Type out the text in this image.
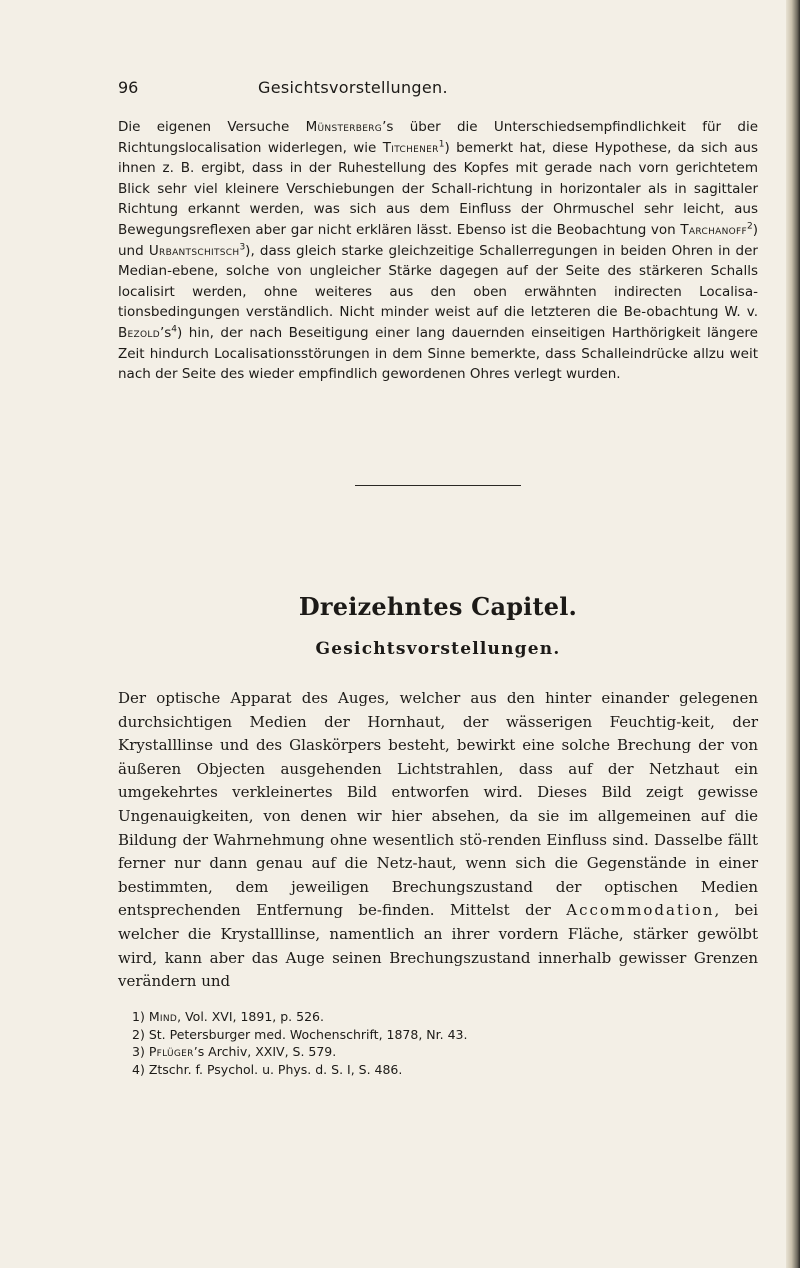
96	Gesichtsvorstellungen.

Die eigenen Versuche Münsterberg’s über die Unterschiedsempfindlichkeit für die Richtungslocalisation widerlegen, wie Titchener$^1$) bemerkt hat, diese Hypothese, da sich aus ihnen z. B. ergibt, dass in der Ruhestellung des Kopfes mit gerade nach vorn gerichtetem Blick sehr viel kleinere Verschiebungen der Schall-richtung in horizontaler als in sagittaler Richtung erkannt werden, was sich aus dem Einfluss der Ohrmuschel sehr leicht, aus Bewegungsreflexen aber gar nicht erklären lässt. Ebenso ist die Beobachtung von Tarchanoff$^2$) und Urbantschitsch$^3$), dass gleich starke gleichzeitige Schallerregungen in beiden Ohren in der Median-ebene, solche von ungleicher Stärke dagegen auf der Seite des stärkeren Schalls localisirt werden, ohne weiteres aus den oben erwähnten indirecten Localisa-tionsbedingungen verständlich. Nicht minder weist auf die letzteren die Be-obachtung W. v. Bezold’s$^4$) hin, der nach Beseitigung einer lang dauernden einseitigen Harthörigkeit längere Zeit hindurch Localisationsstörungen in dem Sinne bemerkte, dass Schalleindrücke allzu weit nach der Seite des wieder empfindlich gewordenen Ohres verlegt wurden.

Dreizehntes Capitel.
Gesichtsvorstellungen.

Der optische Apparat des Auges, welcher aus den hinter einander gelegenen durchsichtigen Medien der Hornhaut, der wässerigen Feuchtig-keit, der Krystalllinse und des Glaskörpers besteht, bewirkt eine solche Brechung der von äußeren Objecten ausgehenden Lichtstrahlen, dass auf der Netzhaut ein umgekehrtes verkleinertes Bild entworfen wird. Dieses Bild zeigt gewisse Ungenauigkeiten, von denen wir hier absehen, da sie im allgemeinen auf die Bildung der Wahrnehmung ohne wesentlich stö-renden Einfluss sind. Dasselbe fällt ferner nur dann genau auf die Netz-haut, wenn sich die Gegenstände in einer bestimmten, dem jeweiligen Brechungszustand der optischen Medien entsprechenden Entfernung be-finden. Mittelst der Accommodation, bei welcher die Krystalllinse, namentlich an ihrer vordern Fläche, stärker gewölbt wird, kann aber das Auge seinen Brechungszustand innerhalb gewisser Grenzen verändern und

1) Mind, Vol. XVI, 1891, p. 526.
2) St. Petersburger med. Wochenschrift, 1878, Nr. 43.
3) Pflüger’s Archiv, XXIV, S. 579.
4) Ztschr. f. Psychol. u. Phys. d. S. I, S. 486.
